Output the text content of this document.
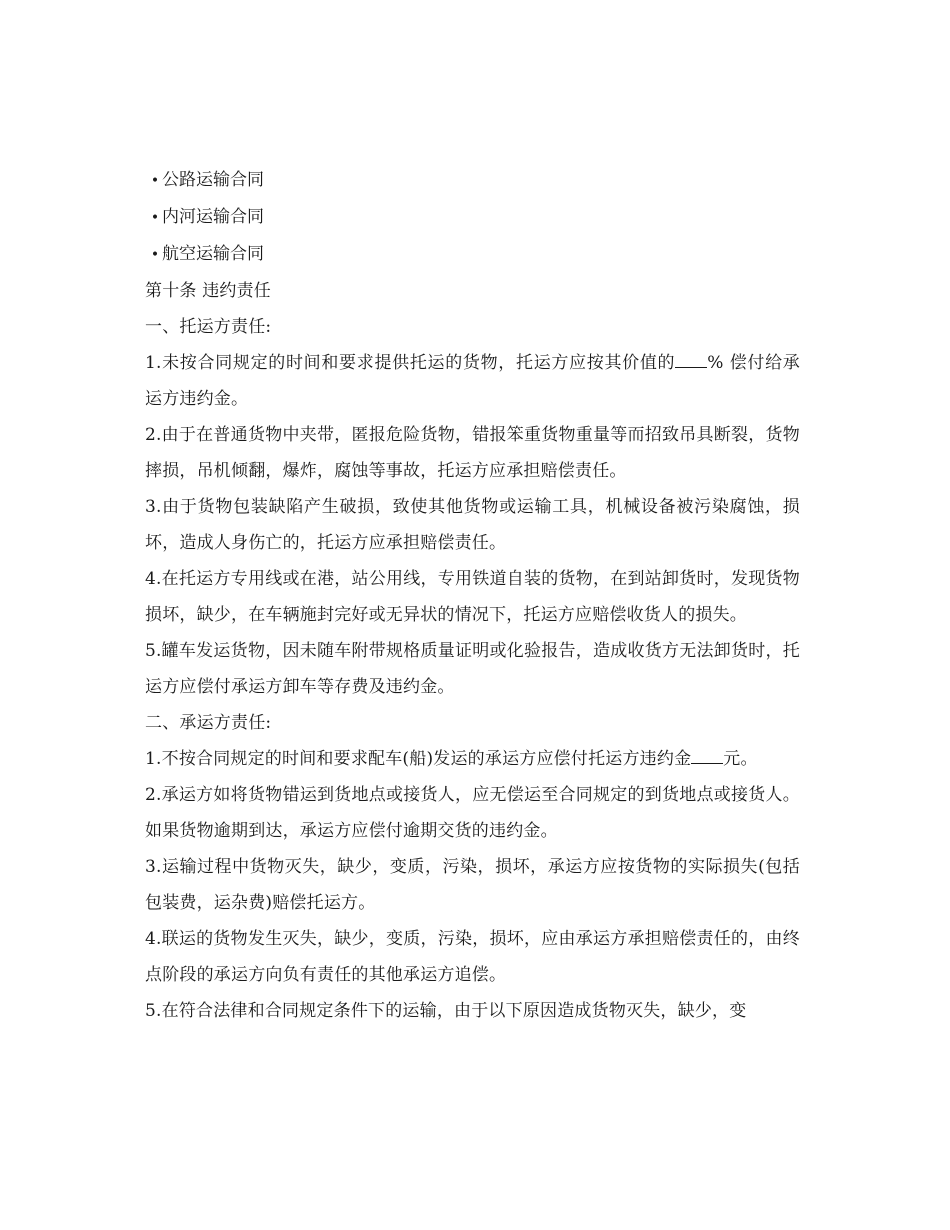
• 公路运输合同
• 内河运输合同
• 航空运输合同

第十条 违约责任

一、托运方责任:

1.未按合同规定的时间和要求提供托运的货物，托运方应按其价值的 % 偿付给承运方违约金。

2.由于在普通货物中夹带，匿报危险货物，错报笨重货物重量等而招致吊具断裂，货物摔损，吊机倾翻，爆炸，腐蚀等事故，托运方应承担赔偿责任。

3.由于货物包装缺陷产生破损，致使其他货物或运输工具，机械设备被污染腐蚀，损坏，造成人身伤亡的，托运方应承担赔偿责任。

4.在托运方专用线或在港，站公用线，专用铁道自装的货物，在到站卸货时，发现货物损坏，缺少，在车辆施封完好或无异状的情况下，托运方应赔偿收货人的损失。

5.罐车发运货物，因未随车附带规格质量证明或化验报告，造成收货方无法卸货时，托运方应偿付承运方卸车等存费及违约金。

二、承运方责任:

1.不按合同规定的时间和要求配车(船)发运的承运方应偿付托运方违约金 元。

2.承运方如将货物错运到货地点或接货人，应无偿运至合同规定的到货地点或接货人。如果货物逾期到达，承运方应偿付逾期交货的违约金。

3.运输过程中货物灭失，缺少，变质，污染，损坏，承运方应按货物的实际损失(包括包装费，运杂费)赔偿托运方。

4.联运的货物发生灭失，缺少，变质，污染，损坏，应由承运方承担赔偿责任的，由终点阶段的承运方向负有责任的其他承运方追偿。

5.在符合法律和合同规定条件下的运输，由于以下原因造成货物灭失，缺少，变
